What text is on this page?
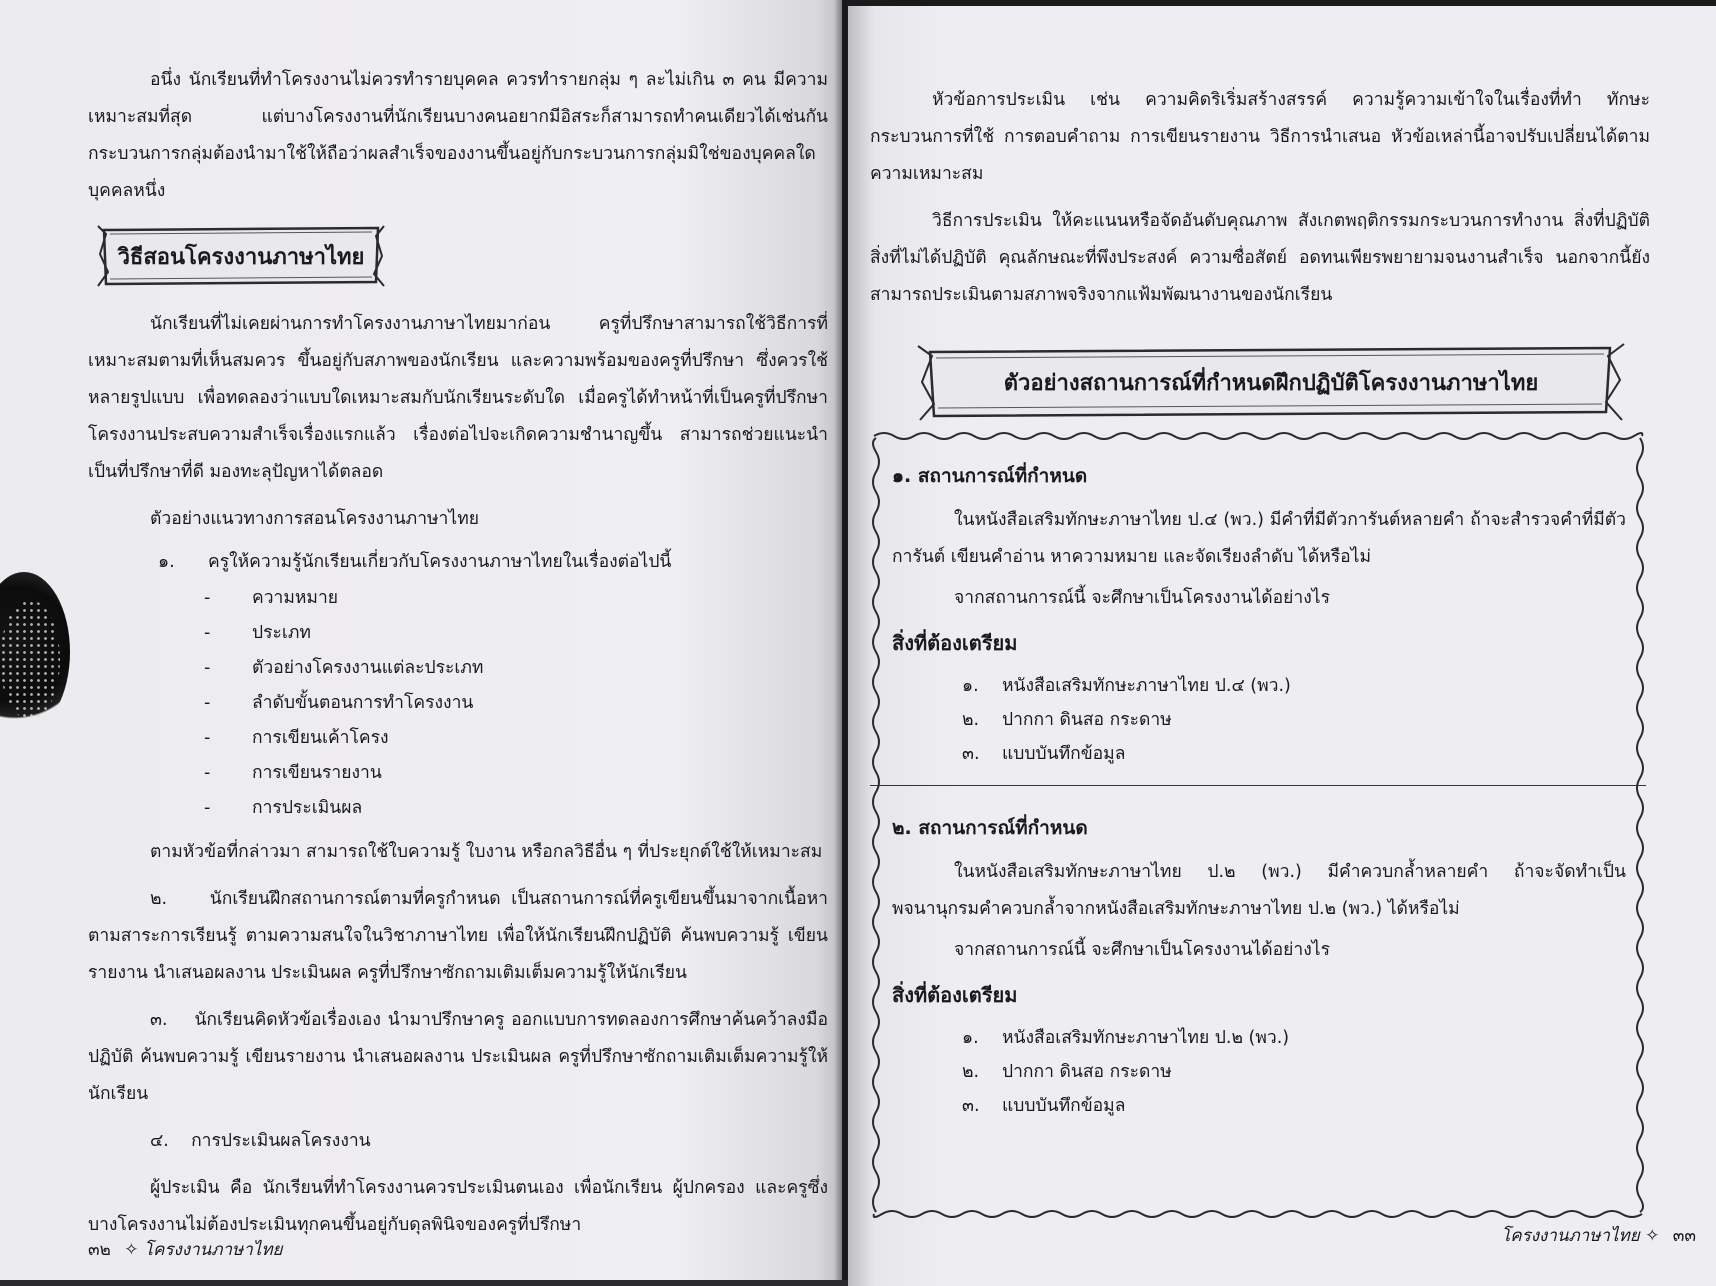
อนึ่ง นักเรียนที่ทำโครงงานไม่ควรทำรายบุคคล ควรทำรายกลุ่ม ๆ ละไม่เกิน ๓ คน มีความเหมาะสมที่สุด แต่บางโครงงานที่นักเรียนบางคนอยากมีอิสระก็สามารถทำคนเดียวได้เช่นกัน กระบวนการกลุ่มต้องนำมาใช้ให้ถือว่าผลสำเร็จของงานขึ้นอยู่กับกระบวนการกลุ่มมิใช่ของบุคคลใดบุคคลหนึ่ง

วิธีสอนโครงงานภาษาไทย

นักเรียนที่ไม่เคยผ่านการทำโครงงานภาษาไทยมาก่อน ครูที่ปรึกษาสามารถใช้วิธีการที่เหมาะสมตามที่เห็นสมควร ขึ้นอยู่กับสภาพของนักเรียน และความพร้อมของครูที่ปรึกษา ซึ่งควรใช้หลายรูปแบบ เพื่อทดลองว่าแบบใดเหมาะสมกับนักเรียนระดับใด เมื่อครูได้ทำหน้าที่เป็นครูที่ปรึกษาโครงงานประสบความสำเร็จเรื่องแรกแล้ว เรื่องต่อไปจะเกิดความชำนาญขึ้น สามารถช่วยแนะนำเป็นที่ปรึกษาที่ดี มองทะลุปัญหาได้ตลอด

ตัวอย่างแนวทางการสอนโครงงานภาษาไทย

๑. ครูให้ความรู้นักเรียนเกี่ยวกับโครงงานภาษาไทยในเรื่องต่อไปนี้
- ความหมาย
- ประเภท
- ตัวอย่างโครงงานแต่ละประเภท
- ลำดับขั้นตอนการทำโครงงาน
- การเขียนเค้าโครง
- การเขียนรายงาน
- การประเมินผล

ตามหัวข้อที่กล่าวมา สามารถใช้ใบความรู้ ใบงาน หรือกลวิธีอื่น ๆ ที่ประยุกต์ใช้ให้เหมาะสม

๒. นักเรียนฝึกสถานการณ์ตามที่ครูกำหนด เป็นสถานการณ์ที่ครูเขียนขึ้นมาจากเนื้อหาตามสาระการเรียนรู้ ตามความสนใจในวิชาภาษาไทย เพื่อให้นักเรียนฝึกปฏิบัติ ค้นพบความรู้ เขียนรายงาน นำเสนอผลงาน ประเมินผล ครูที่ปรึกษาซักถามเติมเต็มความรู้ให้นักเรียน

๓. นักเรียนคิดหัวข้อเรื่องเอง นำมาปรึกษาครู ออกแบบการทดลองการศึกษาค้นคว้าลงมือปฏิบัติ ค้นพบความรู้ เขียนรายงาน นำเสนอผลงาน ประเมินผล ครูที่ปรึกษาซักถามเติมเต็มความรู้ให้นักเรียน

๔. การประเมินผลโครงงาน

ผู้ประเมิน คือ นักเรียนที่ทำโครงงานควรประเมินตนเอง เพื่อนักเรียน ผู้ปกครอง และครูซึ่งบางโครงงานไม่ต้องประเมินทุกคนขึ้นอยู่กับดุลพินิจของครูที่ปรึกษา

๓๒ ✧ โครงงานภาษาไทย

หัวข้อการประเมิน เช่น ความคิดริเริ่มสร้างสรรค์ ความรู้ความเข้าใจในเรื่องที่ทำ ทักษะกระบวนการที่ใช้ การตอบคำถาม การเขียนรายงาน วิธีการนำเสนอ หัวข้อเหล่านี้อาจปรับเปลี่ยนได้ตามความเหมาะสม

วิธีการประเมิน ให้คะแนนหรือจัดอันดับคุณภาพ สังเกตพฤติกรรมกระบวนการทำงาน สิ่งที่ปฏิบัติ สิ่งที่ไม่ได้ปฏิบัติ คุณลักษณะที่พึงประสงค์ ความซื่อสัตย์ อดทนเพียรพยายามจนงานสำเร็จ นอกจากนี้ยังสามารถประเมินตามสภาพจริงจากแฟ้มพัฒนางานของนักเรียน

ตัวอย่างสถานการณ์ที่กำหนดฝึกปฏิบัติโครงงานภาษาไทย
๑. สถานการณ์ที่กำหนด

ในหนังสือเสริมทักษะภาษาไทย ป.๔ (พว.) มีคำที่มีตัวการันต์หลายคำ ถ้าจะสำรวจคำที่มีตัวการันต์ เขียนคำอ่าน หาความหมาย และจัดเรียงลำดับ ได้หรือไม่

จากสถานการณ์นี้ จะศึกษาเป็นโครงงานได้อย่างไร

สิ่งที่ต้องเตรียม
๑. หนังสือเสริมทักษะภาษาไทย ป.๔ (พว.)
๒. ปากกา ดินสอ กระดาษ
๓. แบบบันทึกข้อมูล
๒. สถานการณ์ที่กำหนด

ในหนังสือเสริมทักษะภาษาไทย ป.๒ (พว.) มีคำควบกล้ำหลายคำ ถ้าจะจัดทำเป็นพจนานุกรมคำควบกล้ำจากหนังสือเสริมทักษะภาษาไทย ป.๒ (พว.) ได้หรือไม่

จากสถานการณ์นี้ จะศึกษาเป็นโครงงานได้อย่างไร

สิ่งที่ต้องเตรียม
๑. หนังสือเสริมทักษะภาษาไทย ป.๒ (พว.)
๒. ปากกา ดินสอ กระดาษ
๓. แบบบันทึกข้อมูล
โครงงานภาษาไทย ✧ ๓๓
